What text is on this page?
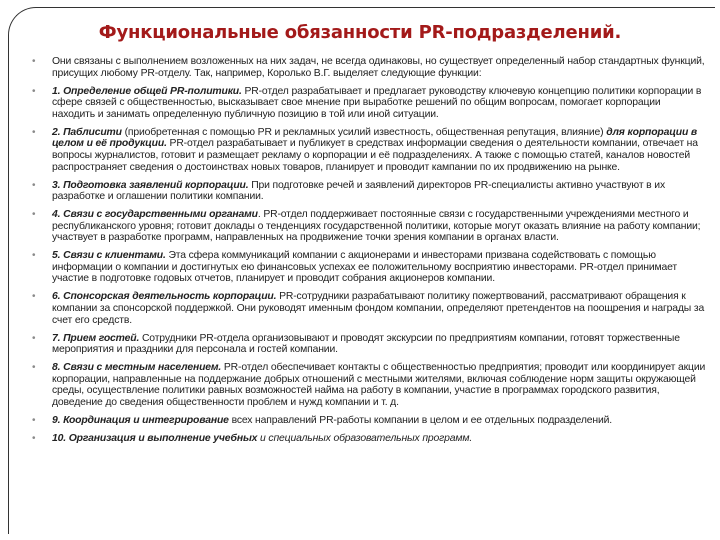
Функциональные обязанности PR-подразделений.
• Они связаны с выполнением возложенных на них задач, не всегда одинаковы, но существует определенный набор стандартных функций, присущих любому PR-отделу. Так, например, Королько В.Г. выделяет следующие функции:
• 1. Определение общей PR-политики. PR-отдел разрабатывает и предлагает руководству ключевую концепцию политики корпорации в сфере связей с общественностью, высказывает свое мнение при выработке решений по общим вопросам, помогает корпорации находить и занимать определенную публичную позицию в той или иной ситуации.
• 2. Паблисити (приобретенная с помощью PR и рекламных усилий известность, общественная репутация, влияние) для корпорации в целом и её продукции. PR-отдел разрабатывает и публикует в средствах информации сведения о деятельности компании, отвечает на вопросы журналистов, готовит и размещает рекламу о корпорации и её подразделениях. А также с помощью статей, каналов новостей распространяет сведения о достоинствах новых товаров, планирует и проводит кампании по их продвижению на рынке.
• 3. Подготовка заявлений корпорации. При подготовке речей и заявлений директоров PR-специалисты активно участвуют в их разработке и оглашении политики компании.
• 4. Связи с государственными органами. PR-отдел поддерживает постоянные связи с государственными учреждениями местного и республиканского уровня; готовит доклады о тенденциях государственной политики, которые могут оказать влияние на работу компании; участвует в разработке программ, направленных на продвижение точки зрения компании в органах власти.
• 5. Связи с клиентами. Эта сфера коммуникаций компании с акционерами и инвесторами призвана содействовать с помощью информации о компании и достигнутых ею финансовых успехах ее положительному восприятию инвесторами. PR-отдел принимает участие в подготовке годовых отчетов, планирует и проводит собрания акционеров компании.
• 6. Спонсорская деятельность корпорации. PR-сотрудники разрабатывают политику пожертвований, рассматривают обращения к компании за спонсорской поддержкой. Они руководят именным фондом компании, определяют претендентов на поощрения и награды за счет его средств.
• 7. Прием гостей. Сотрудники PR-отдела организовывают и проводят экскурсии по предприятиям компании, готовят торжественные мероприятия и праздники для персонала и гостей компании.
• 8. Связи с местным населением. PR-отдел обеспечивает контакты с общественностью предприятия; проводит или координирует акции корпорации, направленные на поддержание добрых отношений с местными жителями, включая соблюдение норм защиты окружающей среды, осуществление политики равных возможностей найма на работу в компании, участие в программах городского развития, доведение до сведения общественности проблем и нужд компании и т. д.
• 9. Координация и интегрирование всех направлений PR-работы компании в целом и ее отдельных подразделений.
• 10. Организация и выполнение учебных и специальных образовательных программ.
